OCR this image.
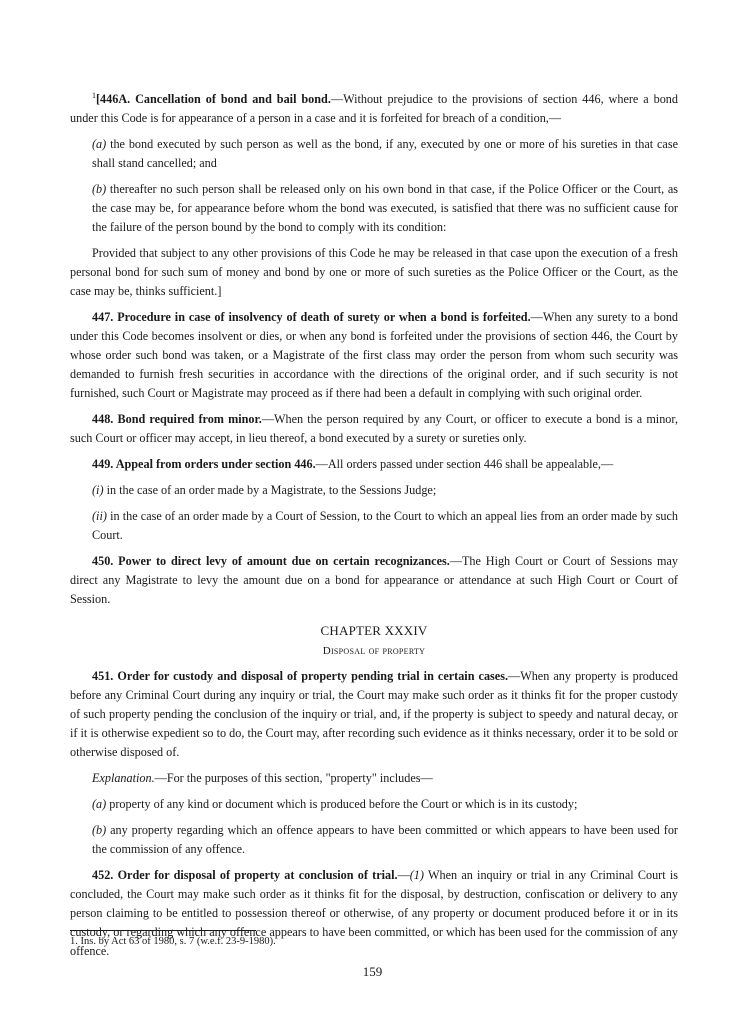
$^1$[446A. Cancellation of bond and bail bond.—Without prejudice to the provisions of section 446, where a bond under this Code is for appearance of a person in a case and it is forfeited for breach of a condition,—

(a) the bond executed by such person as well as the bond, if any, executed by one or more of his sureties in that case shall stand cancelled; and

(b) thereafter no such person shall be released only on his own bond in that case, if the Police Officer or the Court, as the case may be, for appearance before whom the bond was executed, is satisfied that there was no sufficient cause for the failure of the person bound by the bond to comply with its condition:

Provided that subject to any other provisions of this Code he may be released in that case upon the execution of a fresh personal bond for such sum of money and bond by one or more of such sureties as the Police Officer or the Court, as the case may be, thinks sufficient.]

447. Procedure in case of insolvency of death of surety or when a bond is forfeited.—When any surety to a bond under this Code becomes insolvent or dies, or when any bond is forfeited under the provisions of section 446, the Court by whose order such bond was taken, or a Magistrate of the first class may order the person from whom such security was demanded to furnish fresh securities in accordance with the directions of the original order, and if such security is not furnished, such Court or Magistrate may proceed as if there had been a default in complying with such original order.

448. Bond required from minor.—When the person required by any Court, or officer to execute a bond is a minor, such Court or officer may accept, in lieu thereof, a bond executed by a surety or sureties only.

449. Appeal from orders under section 446.—All orders passed under section 446 shall be appealable,—

(i) in the case of an order made by a Magistrate, to the Sessions Judge;

(ii) in the case of an order made by a Court of Session, to the Court to which an appeal lies from an order made by such Court.

450. Power to direct levy of amount due on certain recognizances.—The High Court or Court of Sessions may direct any Magistrate to levy the amount due on a bond for appearance or attendance at such High Court or Court of Session.

CHAPTER XXXIV
Disposal of property

451. Order for custody and disposal of property pending trial in certain cases.—When any property is produced before any Criminal Court during any inquiry or trial, the Court may make such order as it thinks fit for the proper custody of such property pending the conclusion of the inquiry or trial, and, if the property is subject to speedy and natural decay, or if it is otherwise expedient so to do, the Court may, after recording such evidence as it thinks necessary, order it to be sold or otherwise disposed of.

Explanation.—For the purposes of this section, "property" includes—

(a) property of any kind or document which is produced before the Court or which is in its custody;

(b) any property regarding which an offence appears to have been committed or which appears to have been used for the commission of any offence.

452. Order for disposal of property at conclusion of trial.—(1) When an inquiry or trial in any Criminal Court is concluded, the Court may make such order as it thinks fit for the disposal, by destruction, confiscation or delivery to any person claiming to be entitled to possession thereof or otherwise, of any property or document produced before it or in its custody, or regarding which any offence appears to have been committed, or which has been used for the commission of any offence.

1. Ins. by Act 63 of 1980, s. 7 (w.e.f. 23-9-1980).
159
